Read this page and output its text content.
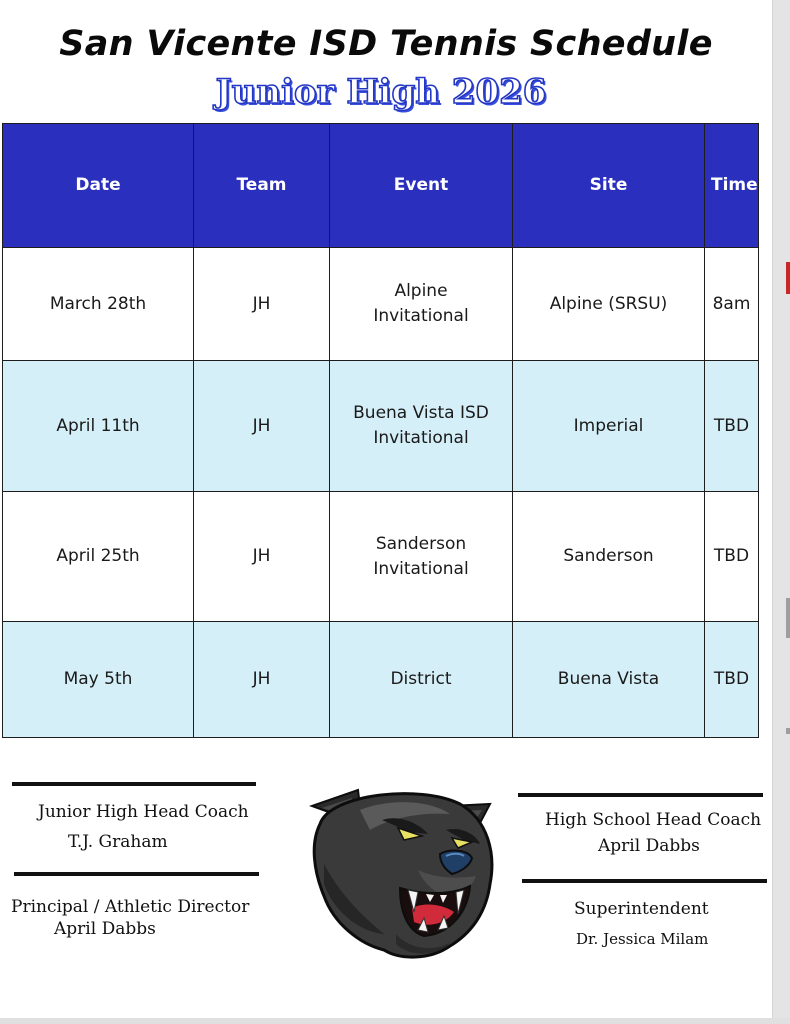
San Vicente ISD Tennis Schedule
Junior High 2026
Date	Team	Event	Site	Time
March 28th	JH	Alpine Invitational	Alpine (SRSU)	8am
April 11th	JH	Buena Vista ISD Invitational	Imperial	TBD
April 25th	JH	Sanderson Invitational	Sanderson	TBD
May 5th	JH	District	Buena Vista	TBD
Junior High Head Coach
T.J. Graham
Principal / Athletic Director
April Dabbs
High School Head Coach
April Dabbs
Superintendent
Dr. Jessica Milam
